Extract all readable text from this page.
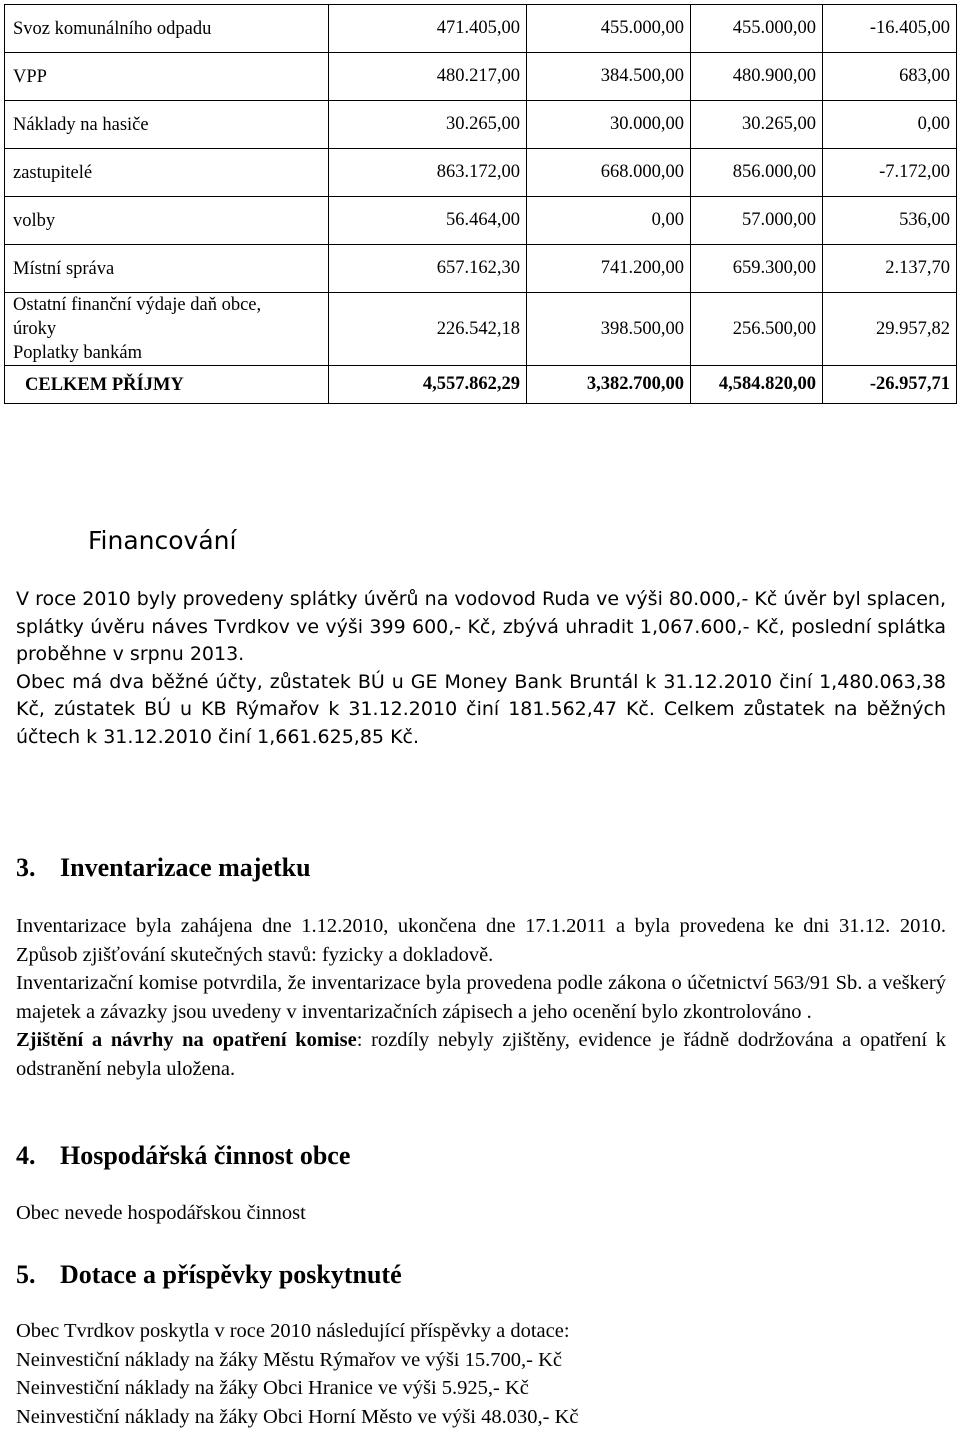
Svoz komunálního odpadu	471.405,00	455.000,00	455.000,00	-16.405,00
VPP	480.217,00	384.500,00	480.900,00	683,00
Náklady na hasiče	30.265,00	30.000,00	30.265,00	0,00
zastupitelé	863.172,00	668.000,00	856.000,00	-7.172,00
volby	56.464,00	0,00	57.000,00	536,00
Místní správa	657.162,30	741.200,00	659.300,00	2.137,70

Ostatní finanční výdaje daň obce,
úroky
Poplatky bankám	226.542,18	398.500,00	256.500,00	29.957,82
CELKEM PŘÍJMY	4,557.862,29	3,382.700,00	4,584.820,00	-26.957,71
Financování

V roce 2010 byly provedeny splátky úvěrů na vodovod Ruda ve výši 80.000,- Kč úvěr byl splacen, splátky úvěru náves Tvrdkov ve výši 399 600,- Kč, zbývá uhradit 1,067.600,- Kč, poslední splátka proběhne v srpnu 2013.

Obec má dva běžné účty, zůstatek BÚ u GE Money Bank Bruntál k 31.12.2010 činí 1,480.063,38 Kč, zústatek BÚ u KB Rýmařov k 31.12.2010 činí 181.562,47 Kč. Celkem zůstatek na běžných účtech k 31.12.2010 činí 1,661.625,85 Kč.

3. Inventarizace majetku

Inventarizace byla zahájena dne 1.12.2010, ukončena dne 17.1.2011 a byla provedena ke dni 31.12. 2010. Způsob zjišťování skutečných stavů: fyzicky a dokladově.

Inventarizační komise potvrdila, že inventarizace byla provedena podle zákona o účetnictví 563/91 Sb. a veškerý majetek a závazky jsou uvedeny v inventarizačních zápisech a jeho ocenění bylo zkontrolováno .

Zjištění a návrhy na opatření komise: rozdíly nebyly zjištěny, evidence je řádně dodržována a opatření k odstranění nebyla uložena.

4. Hospodářská činnost obce

Obec nevede hospodářskou činnost

5. Dotace a příspěvky poskytnuté
Obec Tvrdkov poskytla v roce 2010 následující příspěvky a dotace:
Neinvestiční náklady na žáky Městu Rýmařov ve výši 15.700,- Kč
Neinvestiční náklady na žáky Obci Hranice ve výši 5.925,- Kč
Neinvestiční náklady na žáky Obci Horní Město ve výši 48.030,- Kč
